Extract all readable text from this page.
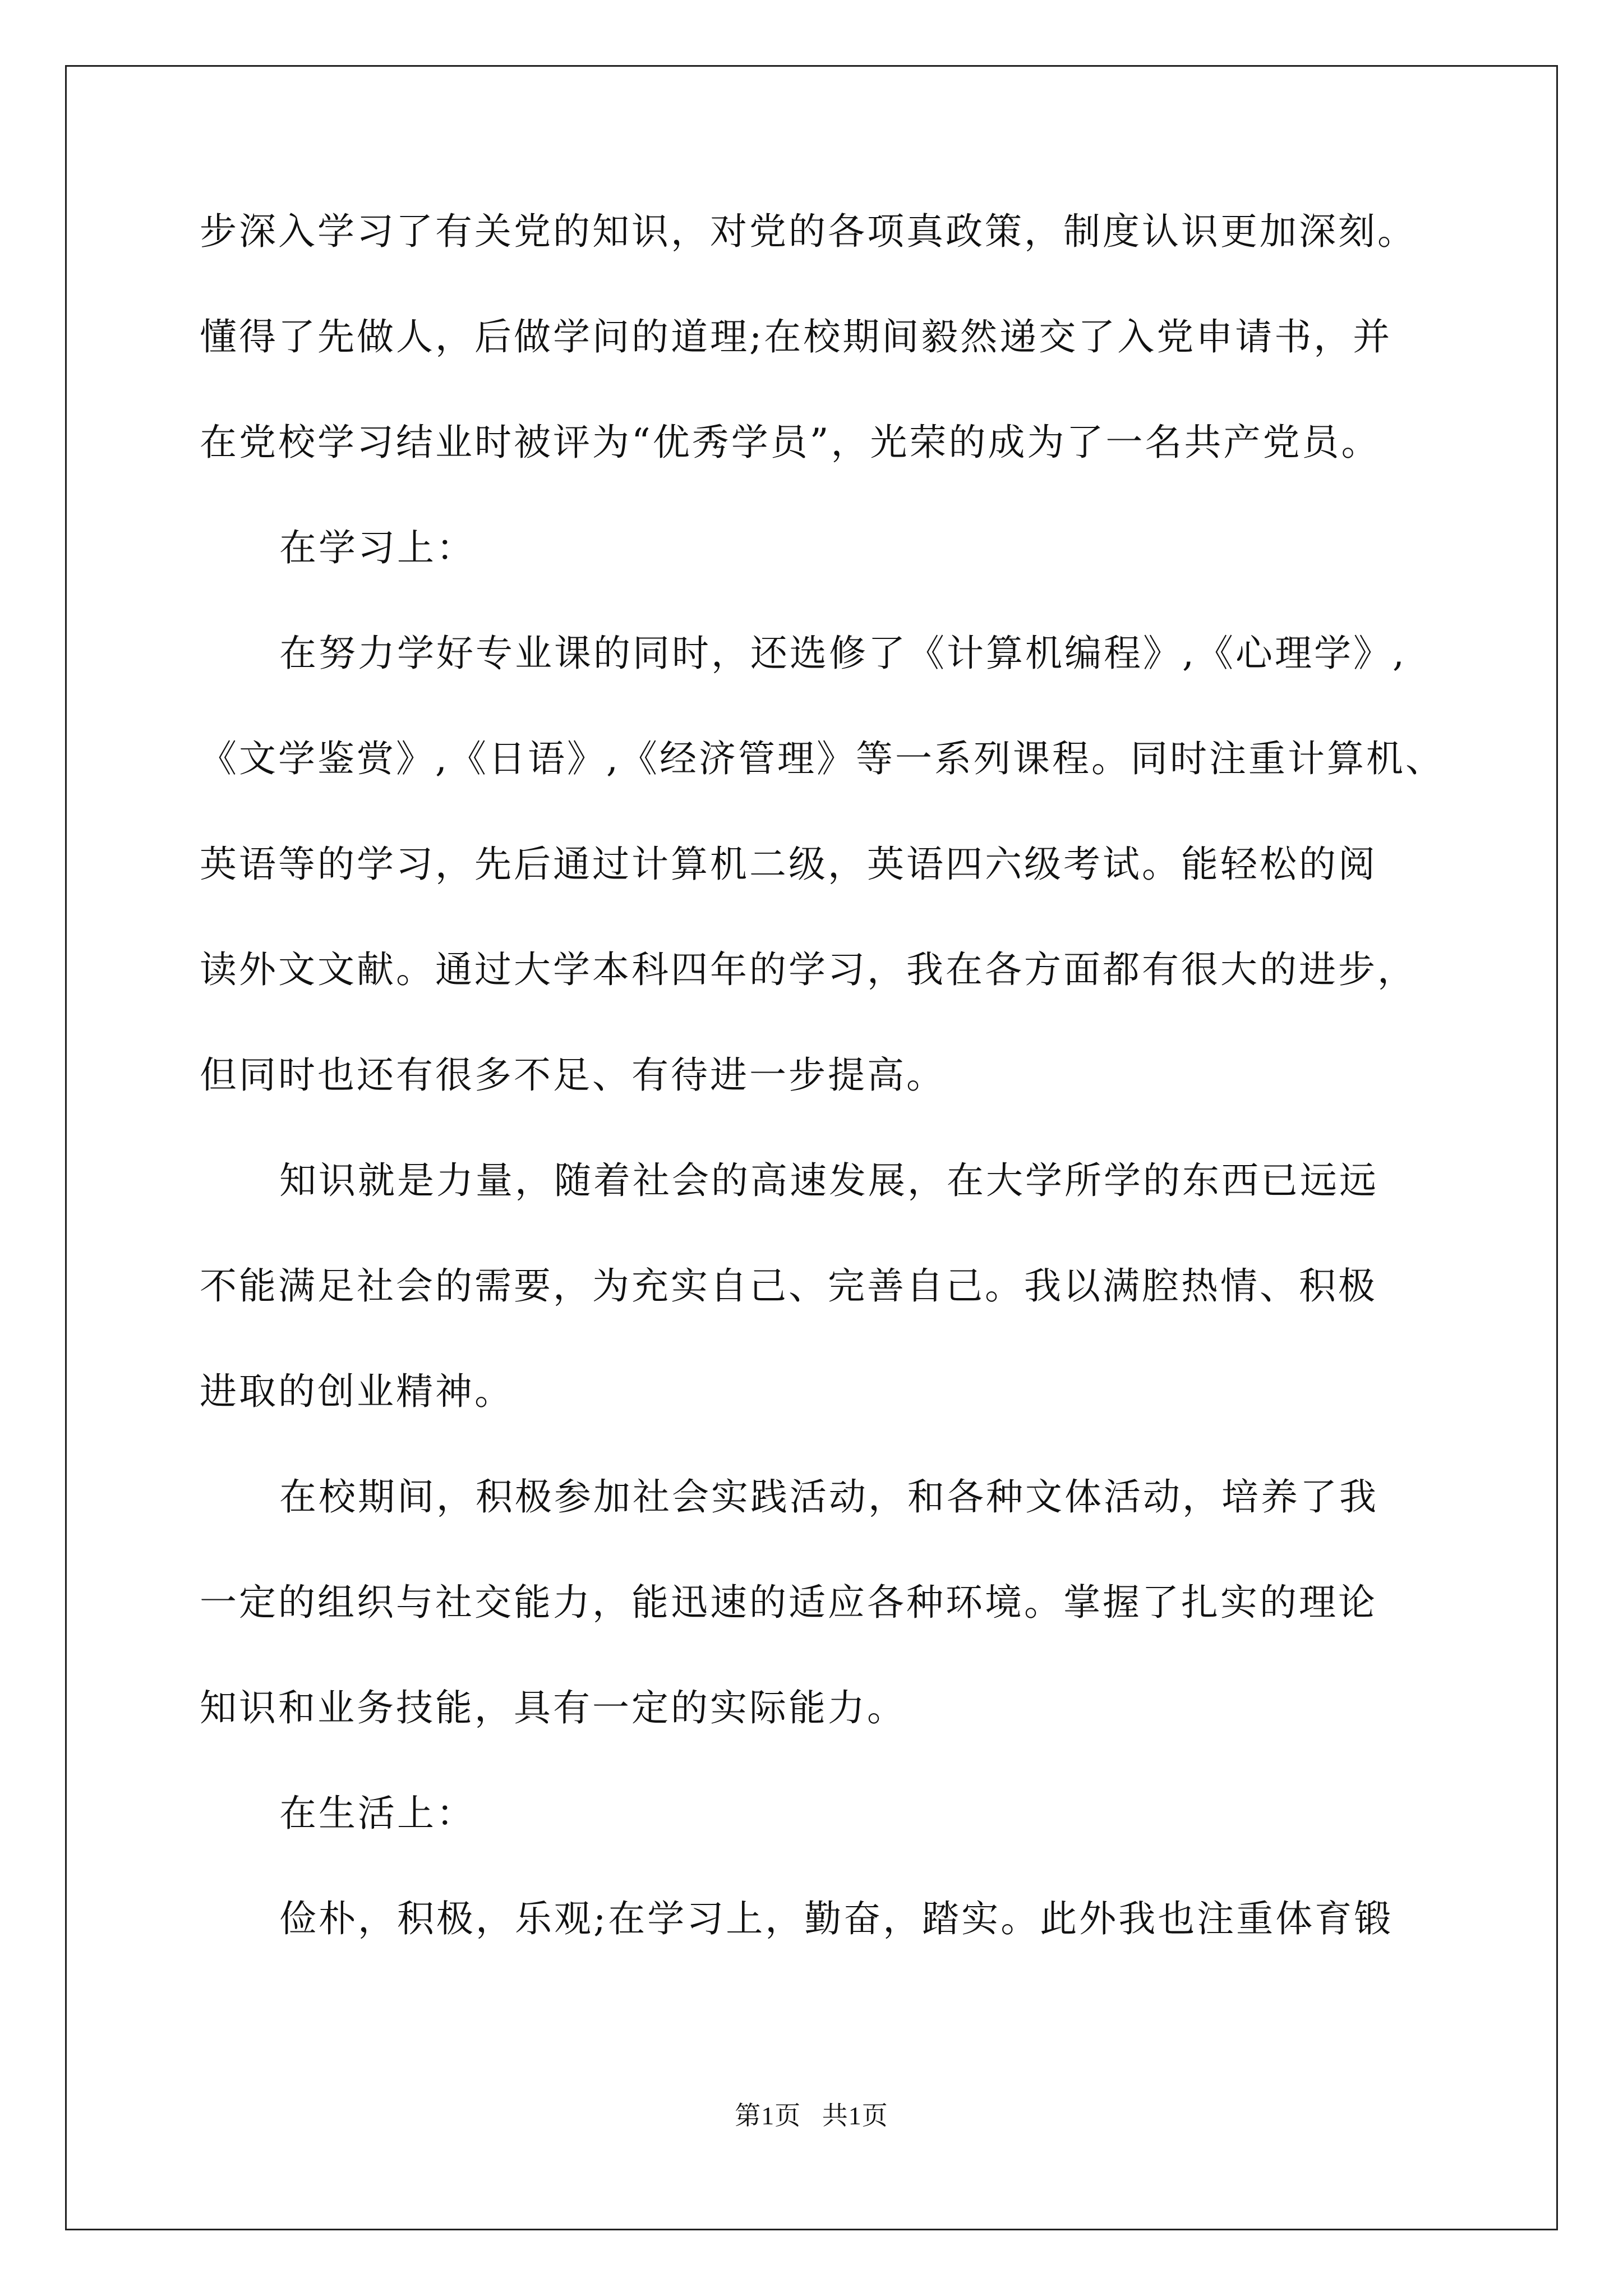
步深入学习了有关党的知识，对党的各项真政策，制度认识更加深刻。
懂得了先做人，后做学问的道理;在校期间毅然递交了入党申请书，并
在党校学习结业时被评为“优秀学员”，光荣的成为了一名共产党员。
在学习上：
在努力学好专业课的同时，还选修了《计算机编程》,《心理学》,
《文学鉴赏》,《日语》,《经济管理》等一系列课程。同时注重计算机、
英语等的学习，先后通过计算机二级，英语四六级考试。能轻松的阅
读外文文献。通过大学本科四年的学习，我在各方面都有很大的进步，
但同时也还有很多不足、有待进一步提高。
知识就是力量，随着社会的高速发展，在大学所学的东西已远远
不能满足社会的需要，为充实自己、完善自己。我以满腔热情、积极
进取的创业精神。
在校期间，积极参加社会实践活动，和各种文体活动，培养了我
一定的组织与社交能力，能迅速的适应各种环境。掌握了扎实的理论
知识和业务技能，具有一定的实际能力。
在生活上：
俭朴，积极，乐观;在学习上，勤奋，踏实。此外我也注重体育锻
第1页   共1页
